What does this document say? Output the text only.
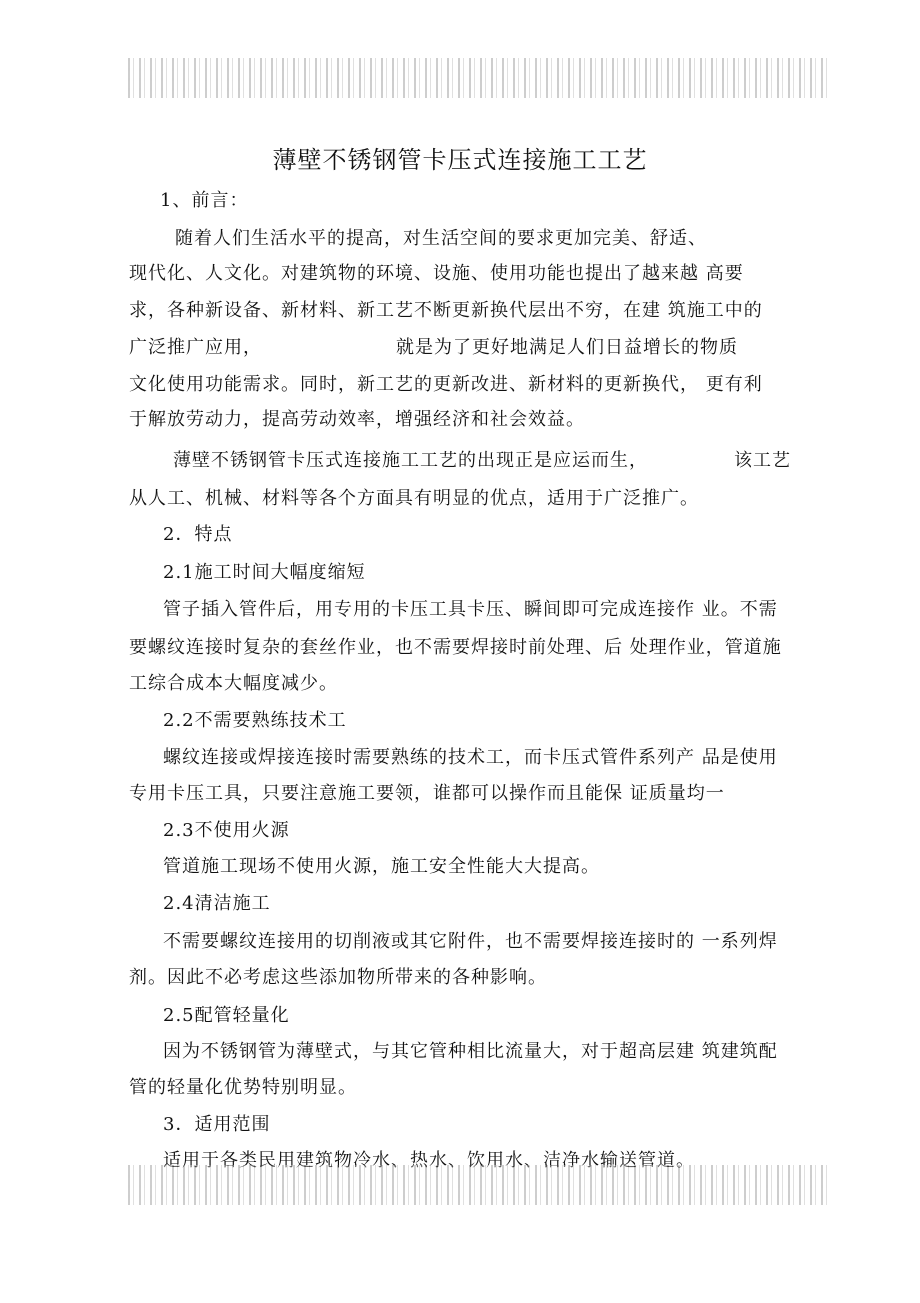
薄壁不锈钢管卡压式连接施工工艺
1、前言：
随着人们生活水平的提高，对生活空间的要求更加完美、舒适、
现代化、人文化。对建筑物的环境、设施、使用功能也提出了越来越 高要
求，各种新设备、新材料、新工艺不断更新换代层出不穷，在建 筑施工中的
广泛推广应用，	就是为了更好地满足人们日益增长的物质
文化使用功能需求。同时，新工艺的更新改进、新材料的更新换代， 更有利
于解放劳动力，提高劳动效率，增强经济和社会效益。
薄壁不锈钢管卡压式连接施工工艺的出现正是应运而生，	该工艺
从人工、机械、材料等各个方面具有明显的优点，适用于广泛推广。
2．特点
2.1施工时间大幅度缩短
管子插入管件后，用专用的卡压工具卡压、瞬间即可完成连接作 业。不需
要螺纹连接时复杂的套丝作业，也不需要焊接时前处理、后 处理作业，管道施
工综合成本大幅度减少。
2.2不需要熟练技术工
螺纹连接或焊接连接时需要熟练的技术工，而卡压式管件系列产 品是使用
专用卡压工具，只要注意施工要领，谁都可以操作而且能保 证质量均一
2.3不使用火源
管道施工现场不使用火源，施工安全性能大大提高。
2.4清洁施工
不需要螺纹连接用的切削液或其它附件，也不需要焊接连接时的 一系列焊
剂。因此不必考虑这些添加物所带来的各种影响。
2.5配管轻量化
因为不锈钢管为薄壁式，与其它管种相比流量大，对于超高层建 筑建筑配
管的轻量化优势特别明显。
3．适用范围
适用于各类民用建筑物冷水、热水、饮用水、洁净水输送管道。
